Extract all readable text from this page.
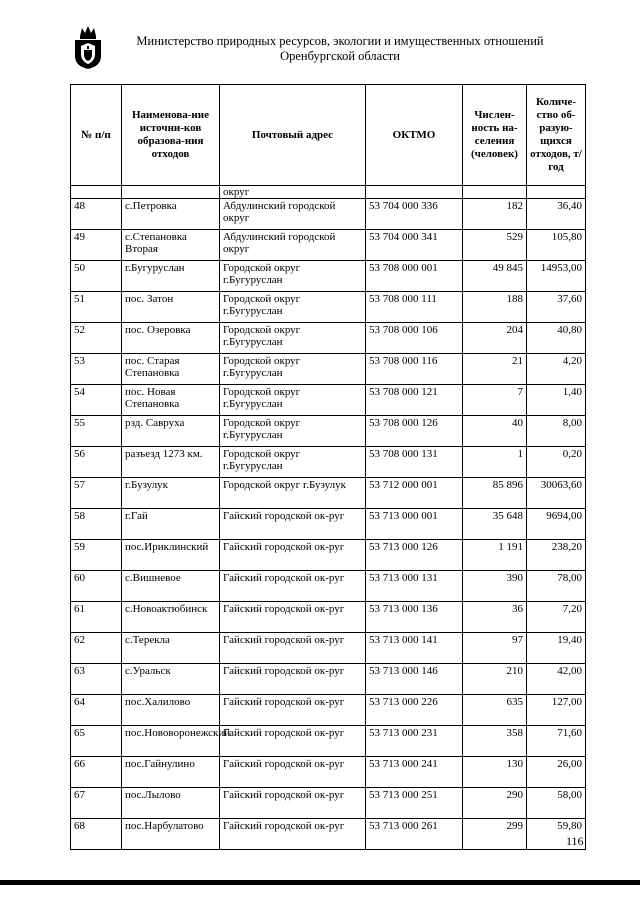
Министерство природных ресурсов, экологии и имущественных отношений
Оренбургской области
№ п/п	Наименова-ние источни-ков образова-ния отходов	Почтовый адрес	ОКТМО	Числен-ность на-селения (человек)	Количе-ство об-разую-щихся отходов, т/год
		округ			
48	с.Петровка	Абдулинский городской округ	53 704 000 336	182	36,40
49	с.Степановка Вторая	Абдулинский городской округ	53 704 000 341	529	105,80
50	г.Бугуруслан	Городской округ г.Бугуруслан	53 708 000 001	49 845	14953,00
51	пос. Затон	Городской округ г.Бугуруслан	53 708 000 111	188	37,60
52	пос. Озеровка	Городской округ г.Бугуруслан	53 708 000 106	204	40,80
53	пос. Старая Степановка	Городской округ г.Бугуруслан	53 708 000 116	21	4,20
54	пос. Новая Степановка	Городской округ г.Бугуруслан	53 708 000 121	7	1,40
55	рзд. Савруха	Городской округ г.Бугуруслан	53 708 000 126	40	8,00
56	разъезд 1273 км.	Городской округ г.Бугуруслан	53 708 000 131	1	0,20
57	г.Бузулук	Городской округ г.Бузулук	53 712 000 001	85 896	30063,60
58	г.Гай	Гайский городской ок-руг	53 713 000 001	35 648	9694,00
59	пос.Ириклинский	Гайский городской ок-руг	53 713 000 126	1 191	238,20
60	с.Вишневое	Гайский городской ок-руг	53 713 000 131	390	78,00
61	с.Новоактюбинск	Гайский городской ок-руг	53 713 000 136	36	7,20
62	с.Терекла	Гайский городской ок-руг	53 713 000 141	97	19,40
63	с.Уральск	Гайский городской ок-руг	53 713 000 146	210	42,00
64	пос.Халилово	Гайский городской ок-руг	53 713 000 226	635	127,00
65	пос.Нововоронежский	Гайский городской ок-руг	53 713 000 231	358	71,60
66	пос.Гайнулино	Гайский городской ок-руг	53 713 000 241	130	26,00
67	пос.Лылово	Гайский городской ок-руг	53 713 000 251	290	58,00
68	пос.Нарбулатово	Гайский городской ок-руг	53 713 000 261	299	59,80
116
